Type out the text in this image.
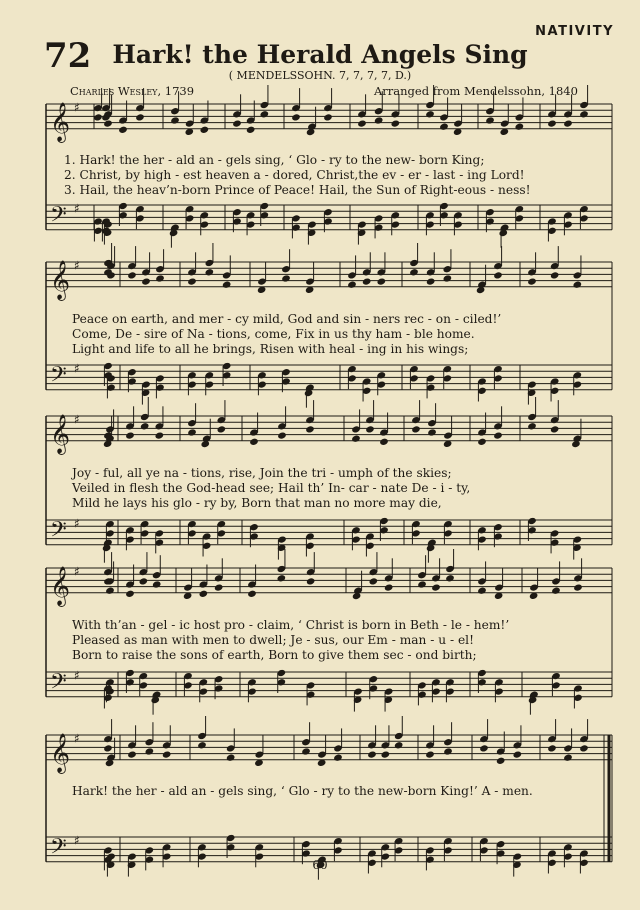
NATIVITY
72 Hark! the Herald Angels Sing
( MENDELSSOHN. 7, 7, 7, 7, D.)
Charles Wesley, 1739	Arranged from Mendelssohn, 1840
𝄞 ♯
𝄢 ♯
𝄞 ♯
𝄢 ♯
𝄞 ♯
𝄢 ♯
𝄞 ♯
𝄢 ♯
𝄞 ♯
𝄢 ♯
1. Hark! the her - ald an - gels sing, ‘ Glo - ry to the new- born King;
2. Christ, by high - est heaven a - dored, Christ,the ev - er - last - ing Lord!
3. Hail, the heav’n-born Prince of Peace! Hail, the Sun of Right-eous - ness!
Peace on earth, and mer - cy mild, God and sin - ners rec - on - ciled!’
Come, De - sire of Na - tions, come, Fix in us thy ham - ble home.
Light and life to all he brings, Risen with heal - ing in his wings;
Joy - ful, all ye na - tions, rise, Join the tri - umph of the skies;
Veiled in flesh the God-head see; Hail th’ In- car - nate De - i - ty,
Mild he lays his glo - ry by, Born that man no more may die,
With th’an - gel - ic host pro - claim, ‘ Christ is born in Beth - le - hem!’
Pleased as man with men to dwell; Je - sus, our Em - man - u - el!
Born to raise the sons of earth, Born to give them sec - ond birth;
Hark! the her - ald an - gels sing, ‘ Glo - ry to the new-born King!’ A - men.
60
